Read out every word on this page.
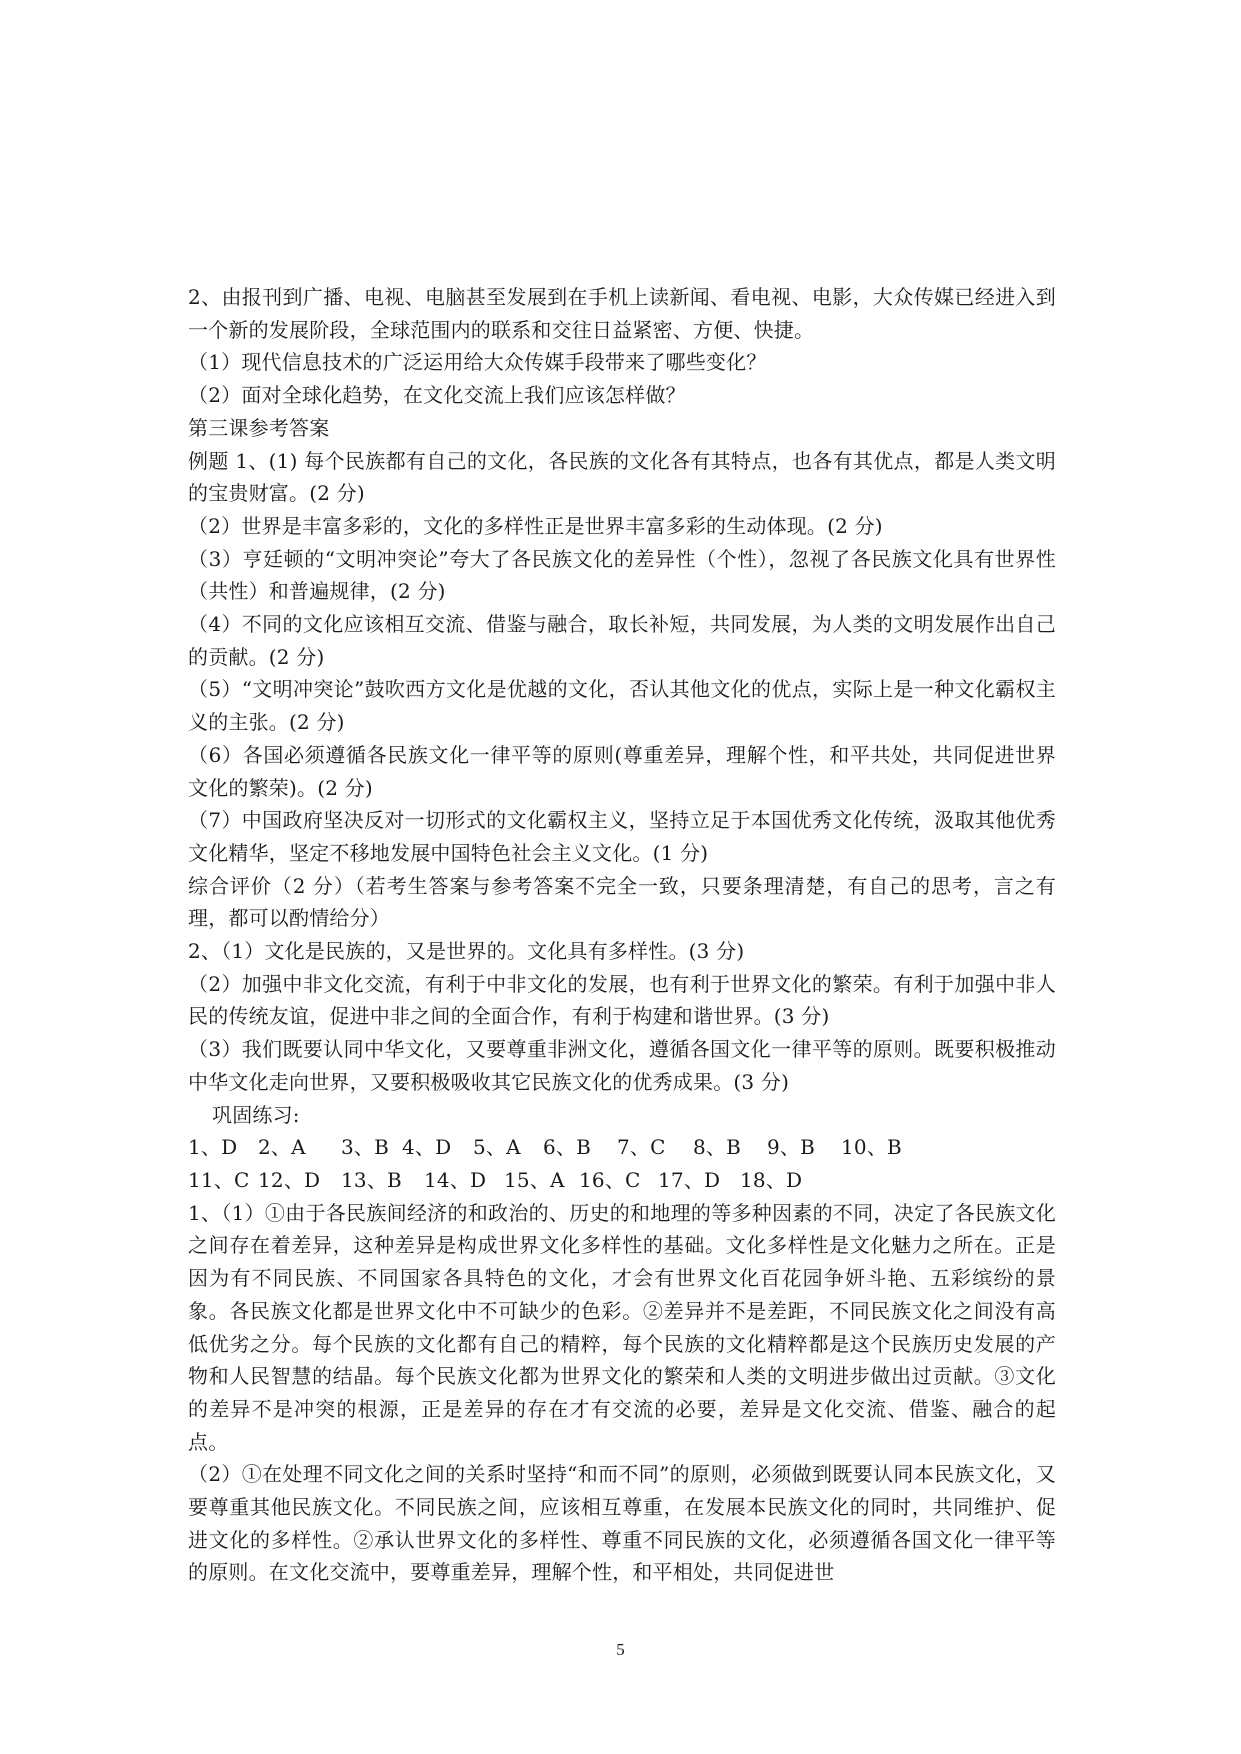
2、由报刊到广播、电视、电脑甚至发展到在手机上读新闻、看电视、电影，大众传媒已经进入到一个新的发展阶段，全球范围内的联系和交往日益紧密、方便、快捷。

（1）现代信息技术的广泛运用给大众传媒手段带来了哪些变化？

（2）面对全球化趋势，在文化交流上我们应该怎样做？

第三课参考答案

例题 1、(1) 每个民族都有自己的文化，各民族的文化各有其特点，也各有其优点，都是人类文明的宝贵财富。(2 分)

（2）世界是丰富多彩的，文化的多样性正是世界丰富多彩的生动体现。(2 分)

（3）亨廷顿的“文明冲突论”夸大了各民族文化的差异性（个性），忽视了各民族文化具有世界性（共性）和普遍规律，(2 分)

（4）不同的文化应该相互交流、借鉴与融合，取长补短，共同发展，为人类的文明发展作出自己的贡献。(2 分)

（5）“文明冲突论”鼓吹西方文化是优越的文化，否认其他文化的优点，实际上是一种文化霸权主义的主张。(2 分)

（6）各国必须遵循各民族文化一律平等的原则(尊重差异，理解个性，和平共处，共同促进世界文化的繁荣)。(2 分)

（7）中国政府坚决反对一切形式的文化霸权主义，坚持立足于本国优秀文化传统，汲取其他优秀文化精华，坚定不移地发展中国特色社会主义文化。(1 分)

综合评价（2 分）（若考生答案与参考答案不完全一致，只要条理清楚，有自己的思考，言之有理，都可以酌情给分）

2、（1）文化是民族的，又是世界的。文化具有多样性。(3 分)

（2）加强中非文化交流，有利于中非文化的发展，也有利于世界文化的繁荣。有利于加强中非人民的传统友谊，促进中非之间的全面合作，有利于构建和谐世界。(3 分)

（3）我们既要认同中华文化，又要尊重非洲文化，遵循各国文化一律平等的原则。既要积极推动中华文化走向世界，又要积极吸收其它民族文化的优秀成果。(3 分)

巩固练习:

1、D	2、A	3、B 4、D	5、A	6、B	7、C	8、B	9、B	10、B
11、C 12、D	13、B	14、D 15、A 16、C 17、D 18、D

1、（1）①由于各民族间经济的和政治的、历史的和地理的等多种因素的不同，决定了各民族文化之间存在着差异，这种差异是构成世界文化多样性的基础。文化多样性是文化魅力之所在。正是因为有不同民族、不同国家各具特色的文化，才会有世界文化百花园争妍斗艳、五彩缤纷的景象。各民族文化都是世界文化中不可缺少的色彩。②差异并不是差距，不同民族文化之间没有高低优劣之分。每个民族的文化都有自己的精粹，每个民族的文化精粹都是这个民族历史发展的产物和人民智慧的结晶。每个民族文化都为世界文化的繁荣和人类的文明进步做出过贡献。③文化的差异不是冲突的根源，正是差异的存在才有交流的必要，差异是文化交流、借鉴、融合的起点。

（2）①在处理不同文化之间的关系时坚持“和而不同”的原则，必须做到既要认同本民族文化，又要尊重其他民族文化。不同民族之间，应该相互尊重，在发展本民族文化的同时，共同维护、促进文化的多样性。②承认世界文化的多样性、尊重不同民族的文化，必须遵循各国文化一律平等的原则。在文化交流中，要尊重差异，理解个性，和平相处，共同促进世

5
